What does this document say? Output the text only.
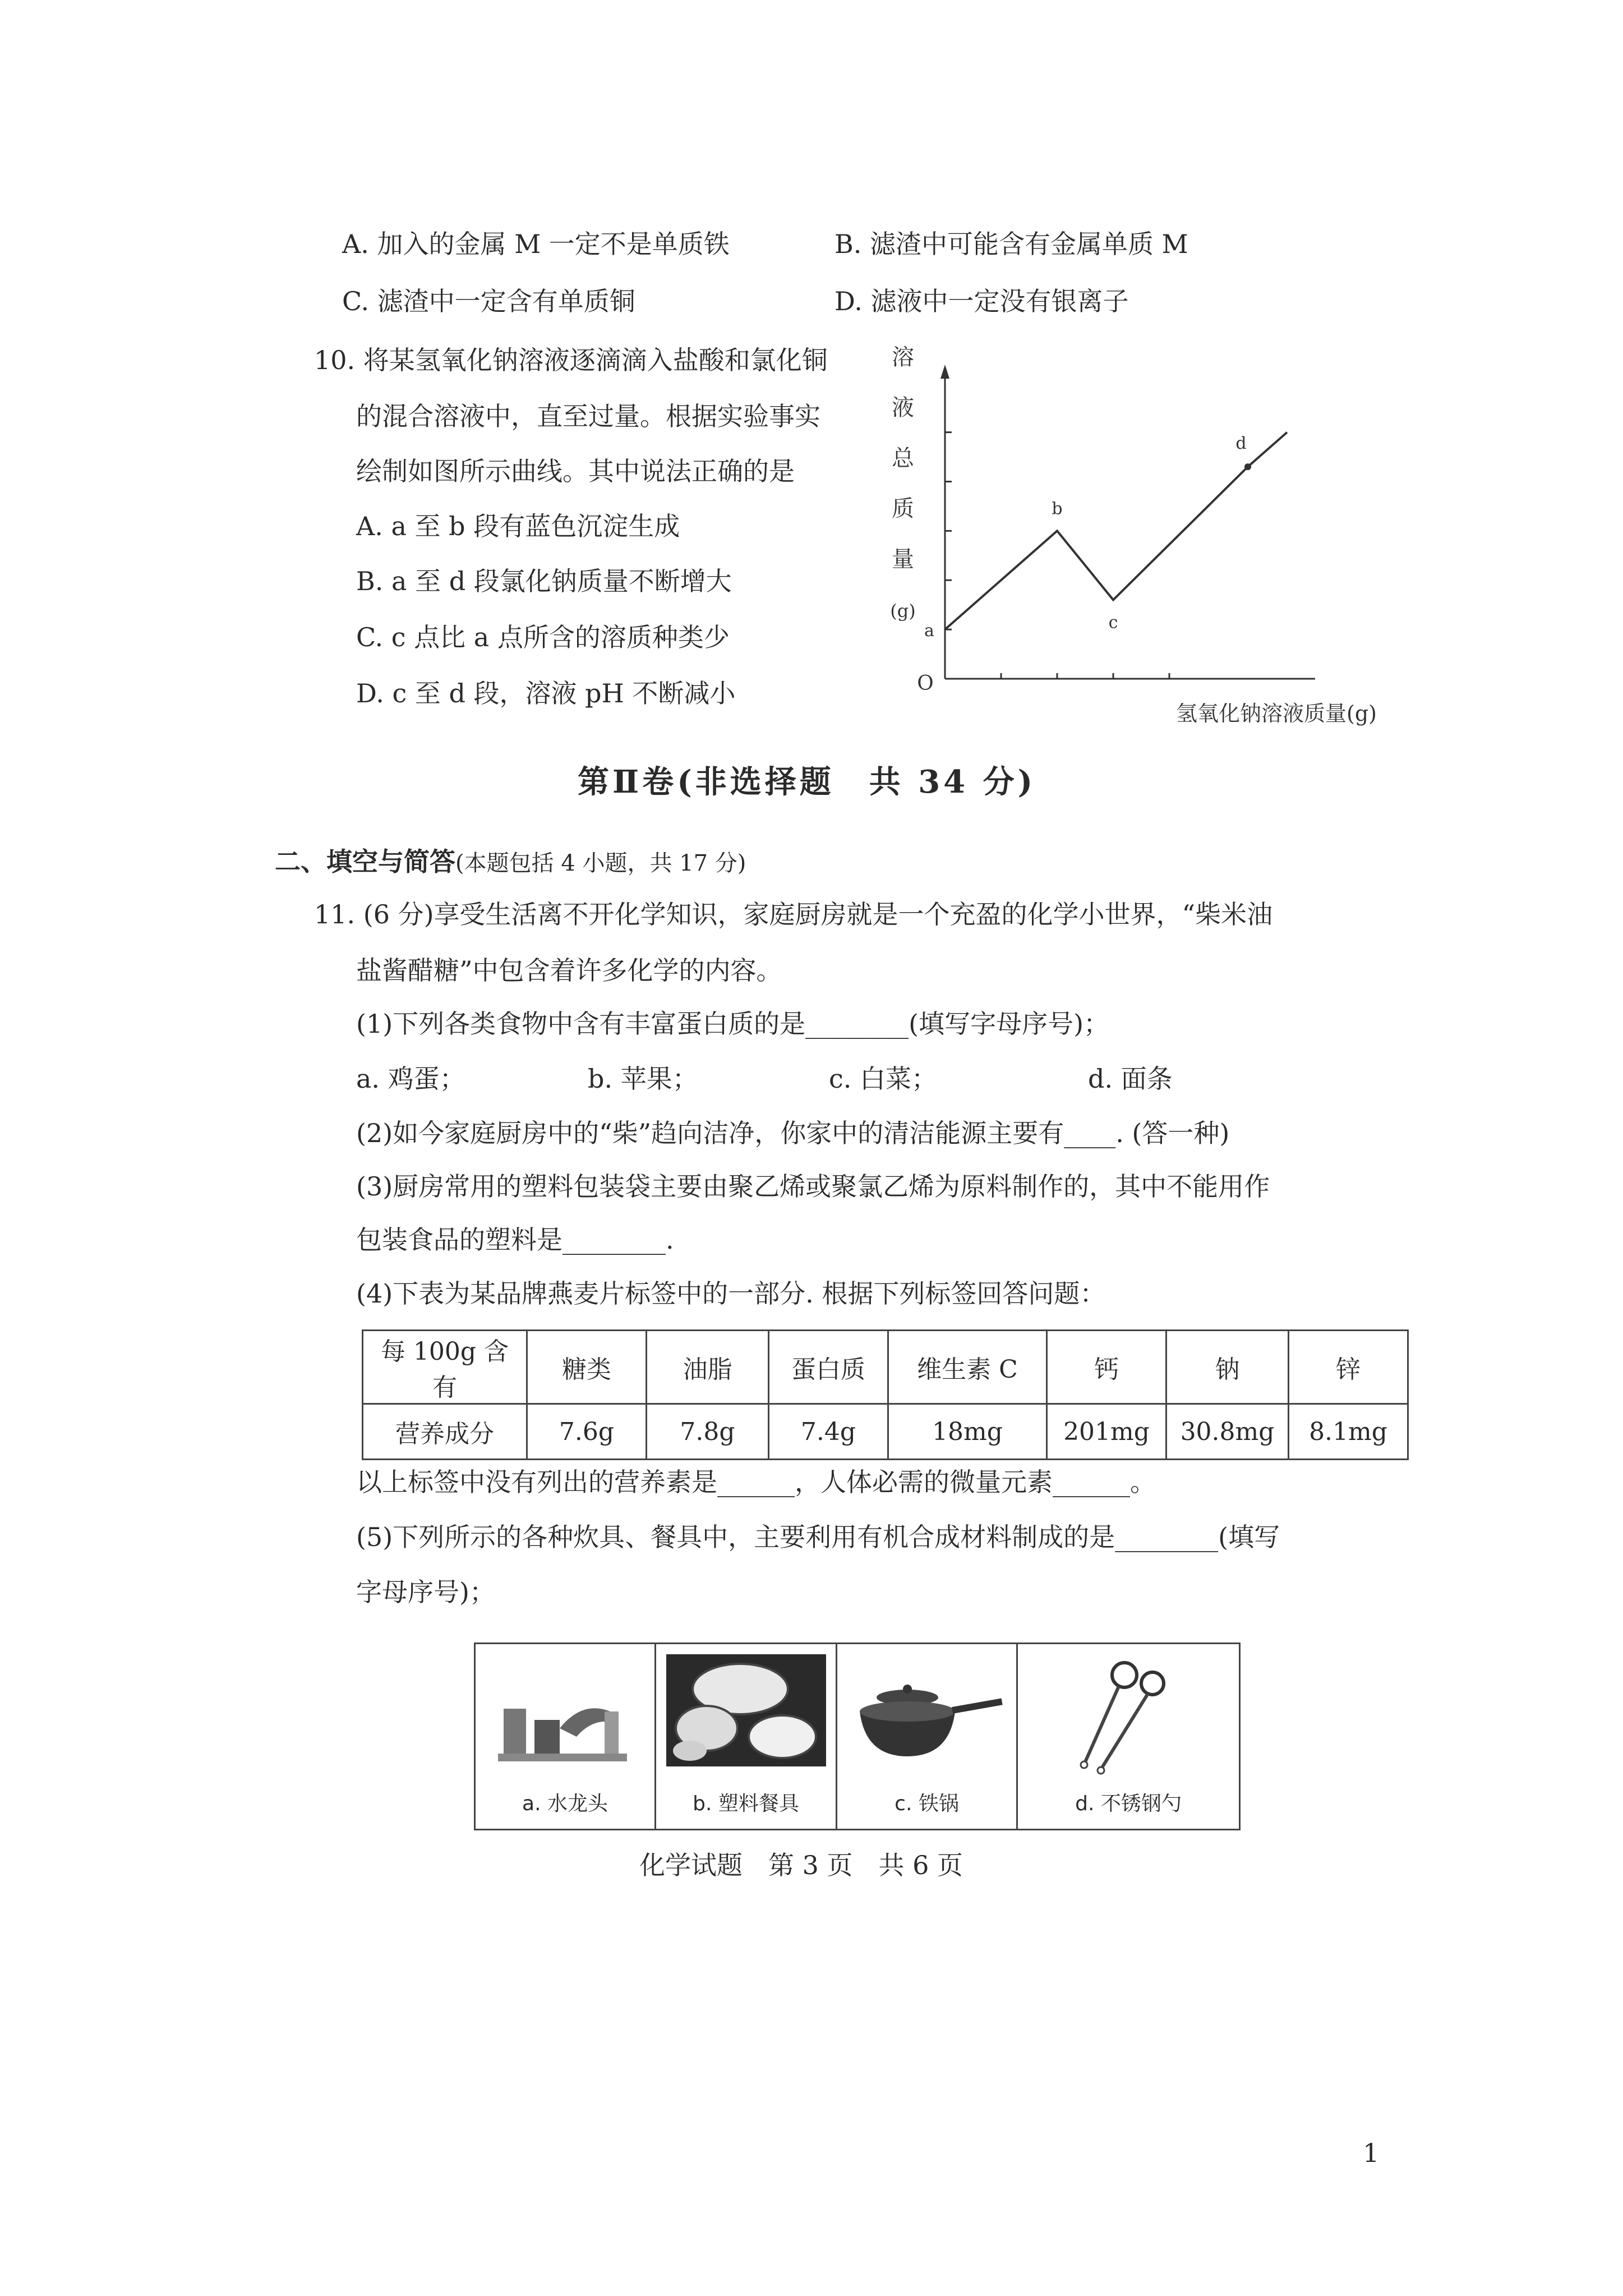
A. 加入的金属 M 一定不是单质铁	B. 滤渣中可能含有金属单质 M
C. 滤渣中一定含有单质铜	D. 滤液中一定没有银离子
10. 将某氢氧化钠溶液逐滴滴入盐酸和氯化铜
的混合溶液中，直至过量。根据实验事实
绘制如图所示曲线。其中说法正确的是
A. a 至 b 段有蓝色沉淀生成
B. a 至 d 段氯化钠质量不断增大
C. c 点比 a 点所含的溶质种类少
D. c 至 d 段，溶液 pH 不断减小	O
溶
液
总
质
量
(g)
氢氧化钠溶液质量(g)
a
b
c
d
第Ⅱ卷(非选择题　共 34 分)
二、填空与简答(本题包括 4 小题，共 17 分)
11. (6 分)享受生活离不开化学知识，家庭厨房就是一个充盈的化学小世界，“柴米油
盐酱醋糖”中包含着许多化学的内容。
(1)下列各类食物中含有丰富蛋白质的是________(填写字母序号)；
a. 鸡蛋；	b. 苹果；	c. 白菜；	d. 面条
(2)如今家庭厨房中的“柴”趋向洁净，你家中的清洁能源主要有____. (答一种)
(3)厨房常用的塑料包装袋主要由聚乙烯或聚氯乙烯为原料制作的，其中不能用作
包装食品的塑料是________.
(4)下表为某品牌燕麦片标签中的一部分. 根据下列标签回答问题：
每 100g 含有	糖类	油脂	蛋白质	维生素 C	钙	钠	锌
营养成分	7.6g	7.8g	7.4g	18mg	201mg	30.8mg	8.1mg
以上标签中没有列出的营养素是______，人体必需的微量元素______。
(5)下列所示的各种炊具、餐具中，主要利用有机合成材料制成的是________(填写
字母序号)；
a. 水龙头	b. 塑料餐具	c. 铁锅	d. 不锈钢勺
化学试题　第 3 页　共 6 页
1
